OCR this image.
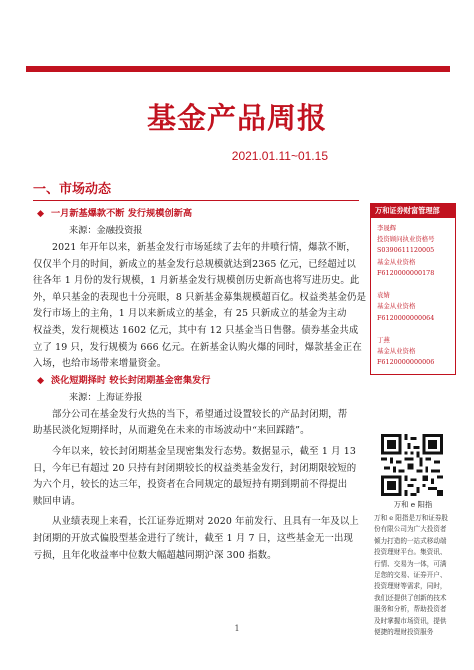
基金产品周报
2021.01.11~01.15
一、市场动态
◆ 一月新基爆款不断 发行规模创新高
来源：金融投资报

2021 年开年以来，新基金发行市场延续了去年的井喷行情，爆款不断，

仅仅半个月的时间，新成立的基金发行总规模就达到2365 亿元，已经超过以

往各年 1 月份的发行规模，1 月新基金发行规模创历史新高也将写进历史。此

外，单只基金的表现也十分亮眼，8 只新基金募集规模超百亿。权益类基金仍是

发行市场上的主角，1 月以来新成立的基金，有 25 只新成立的基金为主动

权益类，发行规模达 1602 亿元，其中有 12 只基金当日售罄。债券基金共成

立了 19 只，发行规模为 666 亿元。在新基金认购火爆的同时，爆款基金正在

入场，也给市场带来增量资金。

◆ 淡化短期择时 较长封闭期基金密集发行
来源：上海证券报

部分公司在基金发行火热的当下，希望通过设置较长的产品封闭期，帮

助基民淡化短期择时，从而避免在未来的市场波动中“来回踩踏”。

今年以来，较长封闭期基金呈现密集发行态势。数据显示，截至 1 月 13

日，今年已有超过 20 只持有封闭期较长的权益类基金发行，封闭期限较短的

为六个月，较长的达三年，投资者在合同规定的最短持有期到期前不得提出

赎回申请。

从业绩表现上来看，长江证券近期对 2020 年前发行、且具有一年及以上

封闭期的开放式偏股型基金进行了统计，截至 1 月 7 日，这些基金无一出现

亏损，且年化收益率中位数大幅超越同期沪深 300 指数。

万和证券财富管理部
李晟辉
投资顾问执业资格号
S0390611120005
基金从业资格
F6120000000178

袁婧
基金从业资格
F6120000000064

丁燕
基金从业资格
F6120000000006
万和 e 阳指
万和 e 阳指是万和证券股
份有限公司为广大投资者
倾力打造的一站式移动端
投资理财平台。集资讯、
行情、交易为一体，可满
足您的交易、证券开户、
投资理财等需求，同时，
我们还提供了创新的技术
服务和分析，帮助投资者
及时掌握市场资讯，提供
便捷的理财投资服务
1
